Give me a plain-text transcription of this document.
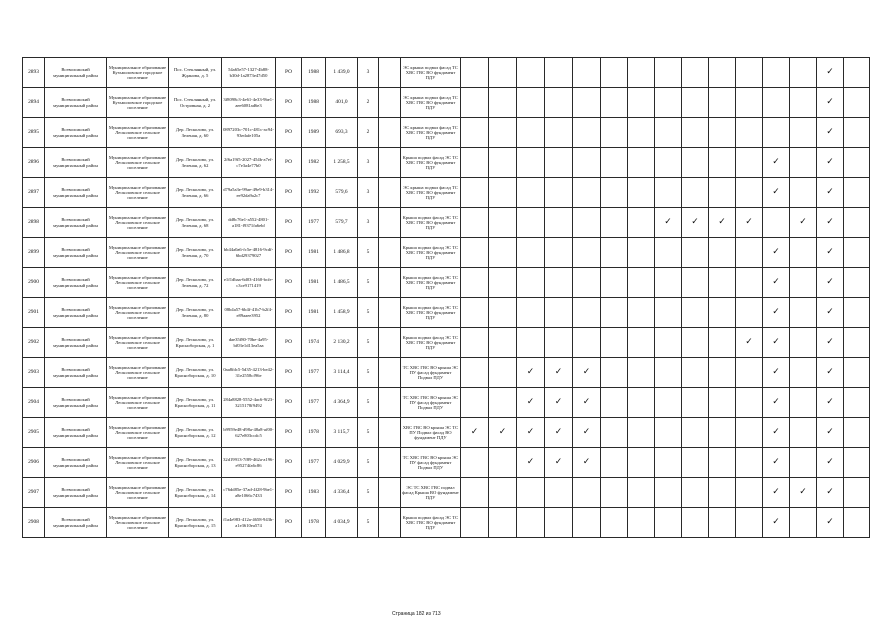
2893	Всеволожский муниципальный район	Муниципальное образование Кузьмоловское городское поселение	Пос. Стеклянный, ул. Жданова, д. 5	54a65e57-1327-4b88-b30d-1a2873e47d50	РО	1988	1 439,0	3		ЭС крыша подвал фасад ТС ХВС ГВС ВО фундамент ПДУ														✓	
2894	Всеволожский муниципальный район	Муниципальное образование Кузьмоловское городское поселение	Пос. Стеклянный, ул. Островная, д. 2	3f8098c3-4e61-4e33-9be1-aee6081ad6e3	РО	1988	401,0	2		ЭС крыша подвал фасад ТС ХВС ГВС ВО фундамент ПДУ														✓	
2895	Всеволожский муниципальный район	Муниципальное образование Лесколовское сельское поселение	Дер. Лесколово, ул. Зеленая, д. 60	0897203c-701c-481c-ac94-93edafe105a	РО	1989	693,3	2		ЭС крыша подвал фасад ТС ХВС ГВС ВО фундамент ПДУ														✓	
2896	Всеволожский муниципальный район	Муниципальное образование Лесколовское сельское поселение	Дер. Лесколово, ул. Зеленая, д. 62	2f6a19f5-2027-454b-a7ef-c7e3a4e77b0	РО	1982	1 258,5	3		Крыша подвал фасад ЭС ТС ХВС ГВС ВО фундамент ПДУ												✓		✓	
2897	Всеволожский муниципальный район	Муниципальное образование Лесколовское сельское поселение	Дер. Лесколово, ул. Зеленая, д. 66	d79a5a3e-99ae-49e9-b314-ee92da9a2c7	РО	1992	579,6	3		ЭС крыша подвал фасад ТС ХВС ГВС ВО фундамент ПДУ												✓		✓	
2898	Всеволожский муниципальный район	Муниципальное образование Лесколовское сельское поселение	Дер. Лесколово, ул. Зеленая, д. 68	dd8c76e1-a552-4801-a181-f9371fa6ebf	РО	1977	579,7	3		Крыша подвал фасад ЭС ТС ХВС ГВС ВО фундамент ПДУ								✓	✓	✓	✓		✓	✓	
2899	Всеволожский муниципальный район	Муниципальное образование Лесколовское сельское поселение	Дер. Лесколово, ул. Зеленая, д. 70	bb44a0a6-fc5e-4816-9cdf-6bd29379027	РО	1981	1 486,8	5		Крыша подвал фасад ЭС ТС ХВС ГВС ВО фундамент ПДУ												✓		✓	
2900	Всеволожский муниципальный район	Муниципальное образование Лесколовское сельское поселение	Дер. Лесколово, ул. Зеленая, д. 72	e1f1dbaa-6d03-4160-bcfe-c3ce9171419	РО	1981	1 486,5	5		Крыша подвал фасад ЭС ТС ХВС ГВС ВО фундамент ПДУ												✓		✓	
2901	Всеволожский муниципальный район	Муниципальное образование Лесколовское сельское поселение	Дер. Лесколово, ул. Зеленая, д. 80	08b4a57-6b4f-41b7-b2f4-e89aaee3952	РО	1981	1 458,9	5		Крыша подвал фасад ЭС ТС ХВС ГВС ВО фундамент ПДУ												✓		✓	
2902	Всеволожский муниципальный район	Муниципальное образование Лесколовское сельское поселение	Дер. Лесколово, ул. Красноборская, д. 1	dae35f80-70be-4a95-bf03e1d13ea5aa	РО	1974	2 130,2	5		Крыша подвал фасад ЭС ТС ХВС ГВС ВО фундамент ПДУ											✓	✓		✓	
2903	Всеволожский муниципальный район	Муниципальное образование Лесколовское сельское поселение	Дер. Лесколово, ул. Красноборская, д. 10	0aa8fdc5-5d35-4213-be42-31e2558cf96e	РО	1977	3 114,4	5		ТС ХВС ГВС ВО крыша ЭС ПУ фасад фундамент Подвал ПДУ			✓	✓	✓							✓		✓	
2904	Всеволожский муниципальный район	Муниципальное образование Лесколовское сельское поселение	Дер. Лесколово, ул. Красноборская, д. 11	284a8828-5552-4ac6-9f23-3215178f9492	РО	1977	4 364,9	5		ТС ХВС ГВС ВО крыша ЭС ПУ фасад фундамент Подвал ПДУ			✓	✓	✓							✓		✓	
2905	Всеволожский муниципальный район	Муниципальное образование Лесколовское сельское поселение	Дер. Лесколово, ул. Красноборская, д. 12	b9959e48-d98a-48a8-af00-627e803ccdc5	РО	1978	3 115,7	5		ХВС ГВС ВО крыша ЭС ТС ПУ Подвал фасад ВО фундамент ПДУ	✓	✓	✓	✓	✓							✓		✓	
2906	Всеволожский муниципальный район	Муниципальное образование Лесколовское сельское поселение	Дер. Лесколово, ул. Красноборская, д. 13	32d19913-7f89-462a-a196-e95274fa6c86	РО	1977	4 029,9	5		ТС ХВС ГВС ВО крыша ЭС ПУ фасад фундамент Подвал ПДУ			✓	✓	✓							✓		✓	
2907	Всеволожский муниципальный район	Муниципальное образование Лесколовское сельское поселение	Дер. Лесколово, ул. Красноборская, д. 14	c76dd85e-37ad-4f28-9be1-a8e1066c7433	РО	1983	4 336,4	5		ЭС ТС ХВС ГВС подвал фасад Крыша ВО фундамент ПДУ												✓	✓	✓	
2908	Всеволожский муниципальный район	Муниципальное образование Лесколовское сельское поселение	Дер. Лесколово, ул. Красноборская, д. 15	f1a4e983-412a-4658-943b-a1e3610ea574	РО	1978	4 034,9	5		Крыша подвал фасад ЭС ТС ХВС ГВС ВО фундамент ПДУ												✓		✓	
Страница 182 из 713
